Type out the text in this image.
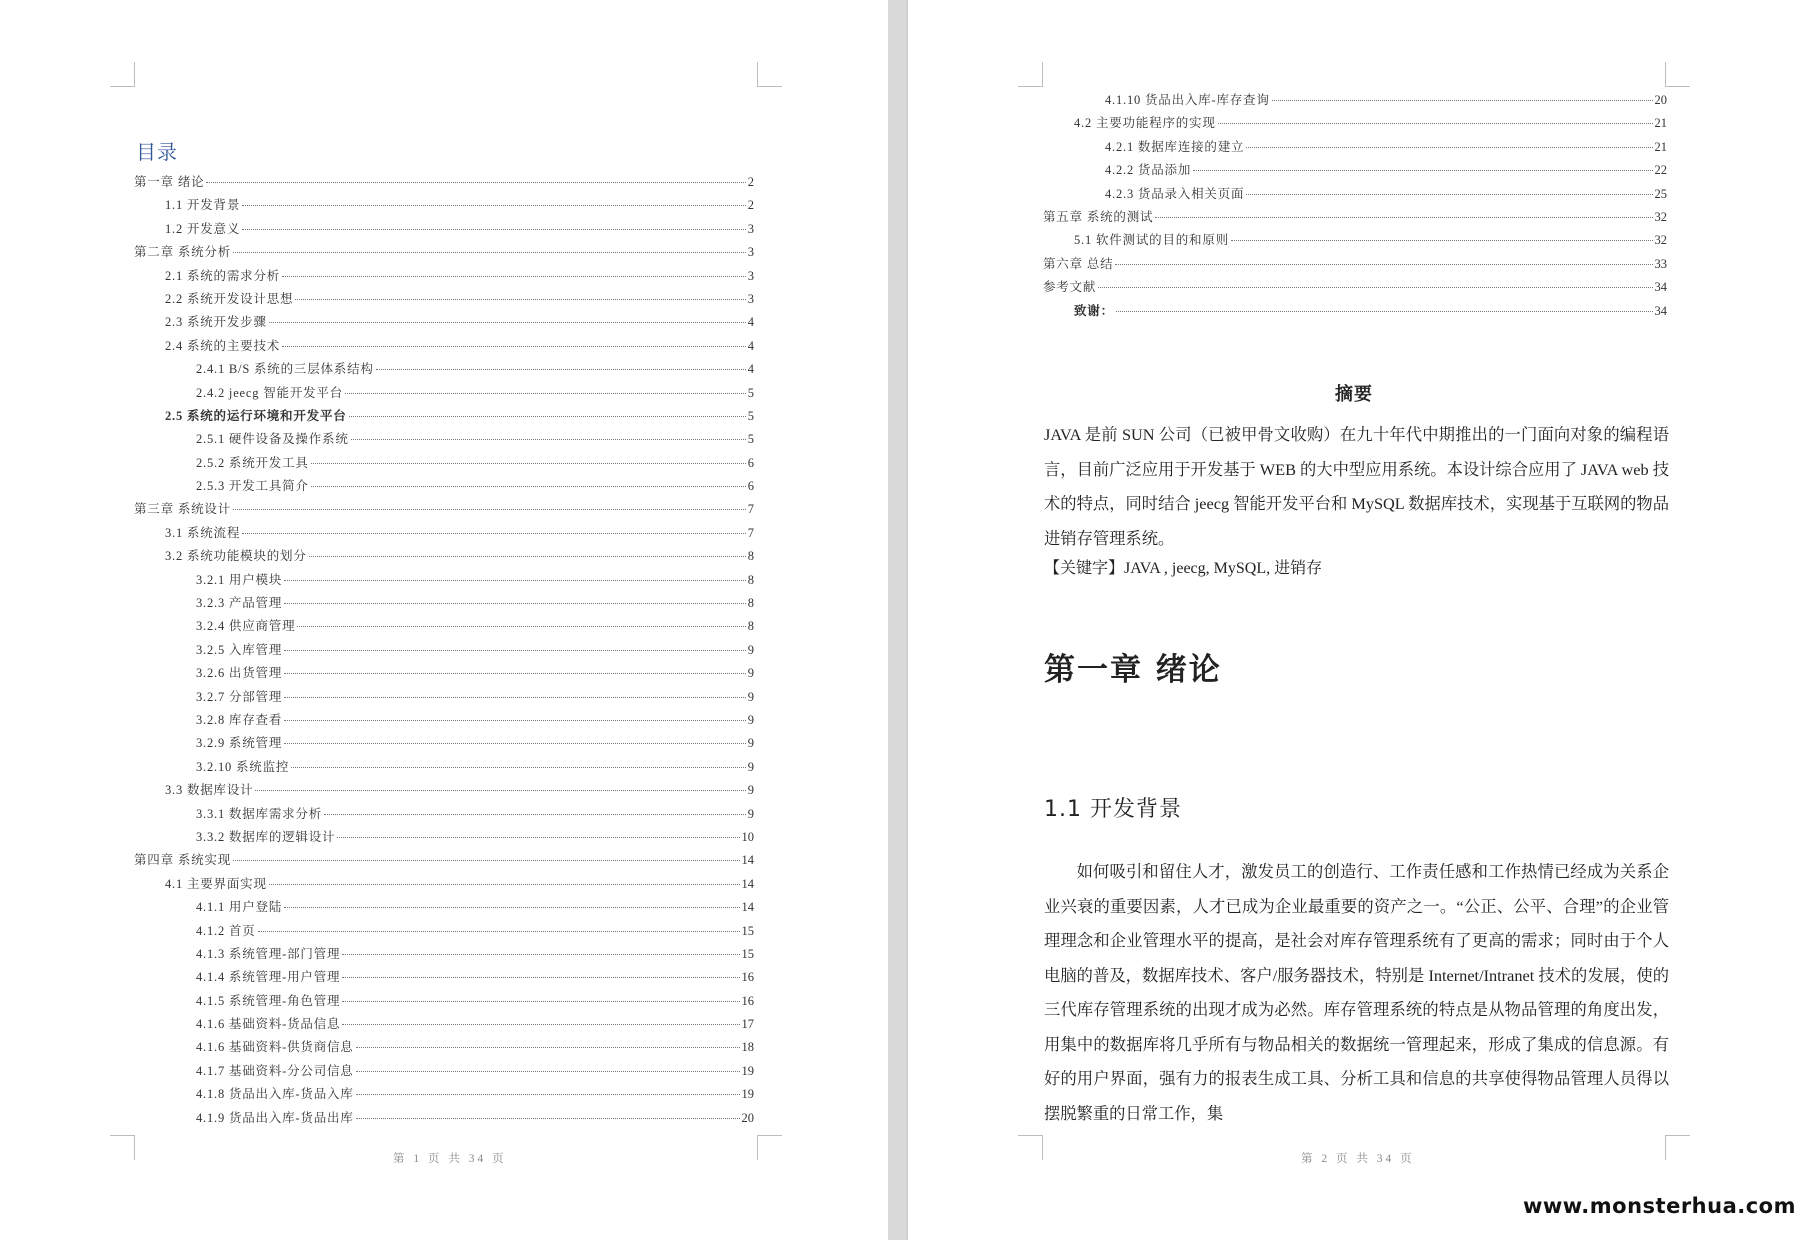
目录
第一章 绪论	2
1.1 开发背景	2
1.2 开发意义	3
第二章 系统分析	3
2.1 系统的需求分析	3
2.2 系统开发设计思想	3
2.3 系统开发步骤	4
2.4 系统的主要技术	4
2.4.1 B/S 系统的三层体系结构	4
2.4.2 jeecg 智能开发平台	5
2.5 系统的运行环境和开发平台	5
2.5.1 硬件设备及操作系统	5
2.5.2 系统开发工具	6
2.5.3 开发工具简介	6
第三章 系统设计	7
3.1 系统流程	7
3.2 系统功能模块的划分	8
3.2.1 用户模块	8
3.2.3 产品管理	8
3.2.4 供应商管理	8
3.2.5 入库管理	9
3.2.6 出货管理	9
3.2.7 分部管理	9
3.2.8 库存查看	9
3.2.9 系统管理	9
3.2.10 系统监控	9
3.3 数据库设计	9
3.3.1 数据库需求分析	9
3.3.2 数据库的逻辑设计	10
第四章 系统实现	14
4.1 主要界面实现	14
4.1.1 用户登陆	14
4.1.2 首页	15
4.1.3 系统管理-部门管理	15
4.1.4 系统管理-用户管理	16
4.1.5 系统管理-角色管理	16
4.1.6 基础资料-货品信息	17
4.1.6 基础资料-供货商信息	18
4.1.7 基础资料-分公司信息	19
4.1.8 货品出入库-货品入库	19
4.1.9 货品出入库-货品出库	20
第 1 页 共 34 页
4.1.10 货品出入库-库存查询	20
4.2 主要功能程序的实现	21
4.2.1 数据库连接的建立	21
4.2.2 货品添加	22
4.2.3 货品录入相关页面	25
第五章 系统的测试	32
5.1 软件测试的目的和原则	32
第六章 总结	33
参考文献	34
致谢：	34
摘要
JAVA 是前 SUN 公司（已被甲骨文收购）在九十年代中期推出的一门面向对象的编程语言，目前广泛应用于开发基于 WEB 的大中型应用系统。本设计综合应用了 JAVA web 技术的特点，同时结合 jeecg 智能开发平台和 MySQL 数据库技术，实现基于互联网的物品进销存管理系统。
【关键字】JAVA , jeecg, MySQL, 进销存
第一章 绪论
1.1 开发背景
如何吸引和留住人才，激发员工的创造行、工作责任感和工作热情已经成为关系企业兴衰的重要因素，人才已成为企业最重要的资产之一。“公正、公平、合理”的企业管理理念和企业管理水平的提高，是社会对库存管理系统有了更高的需求；同时由于个人电脑的普及，数据库技术、客户/服务器技术，特别是 Internet/Intranet 技术的发展，使的三代库存管理系统的出现才成为必然。库存管理系统的特点是从物品管理的角度出发，用集中的数据库将几乎所有与物品相关的数据统一管理起来，形成了集成的信息源。有好的用户界面，强有力的报表生成工具、分析工具和信息的共享使得物品管理人员得以摆脱繁重的日常工作，集
第 2 页 共 34 页
www.monsterhua.com
